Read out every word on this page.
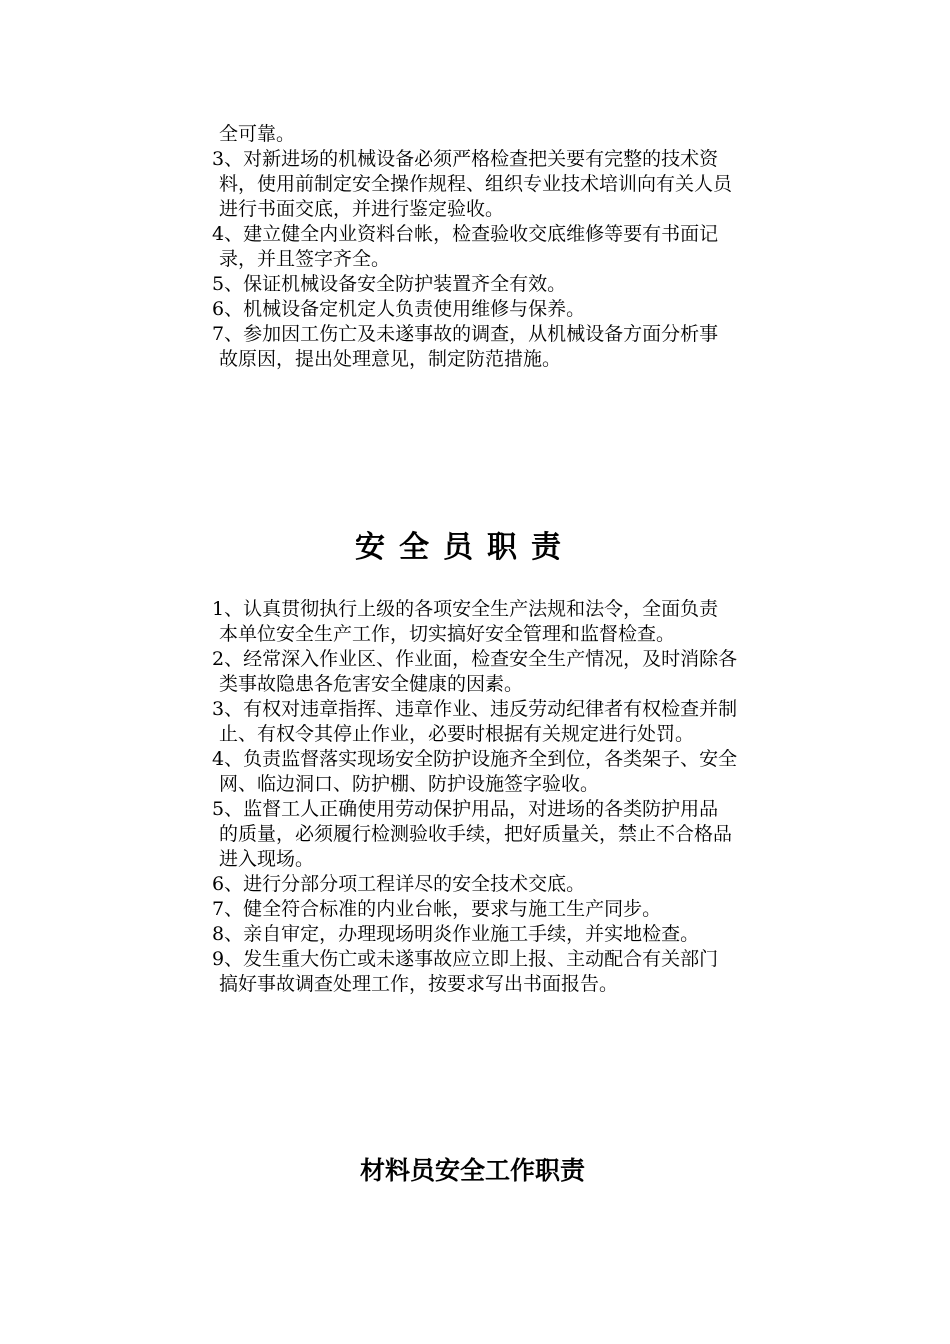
全可靠。

3、对新进场的机械设备必须严格检查把关要有完整的技术资
料，使用前制定安全操作规程、组织专业技术培训向有关人员
进行书面交底，并进行鉴定验收。

4、建立健全内业资料台帐，检查验收交底维修等要有书面记
录，并且签字齐全。

5、保证机械设备安全防护装置齐全有效。

6、机械设备定机定人负责使用维修与保养。

7、参加因工伤亡及未遂事故的调查，从机械设备方面分析事
故原因，提出处理意见，制定防范措施。

安全员职责

1、认真贯彻执行上级的各项安全生产法规和法令，全面负责
本单位安全生产工作，切实搞好安全管理和监督检查。

2、经常深入作业区、作业面，检查安全生产情况，及时消除各
类事故隐患各危害安全健康的因素。

3、有权对违章指挥、违章作业、违反劳动纪律者有权检查并制
止、有权令其停止作业，必要时根据有关规定进行处罚。

4、负责监督落实现场安全防护设施齐全到位，各类架子、安全
网、临边洞口、防护棚、防护设施签字验收。

5、监督工人正确使用劳动保护用品，对进场的各类防护用品
的质量，必须履行检测验收手续，把好质量关，禁止不合格品
进入现场。

6、进行分部分项工程详尽的安全技术交底。

7、健全符合标准的内业台帐，要求与施工生产同步。

8、亲自审定，办理现场明炎作业施工手续，并实地检查。

9、发生重大伤亡或未遂事故应立即上报、主动配合有关部门
搞好事故调查处理工作，按要求写出书面报告。

材料员安全工作职责
